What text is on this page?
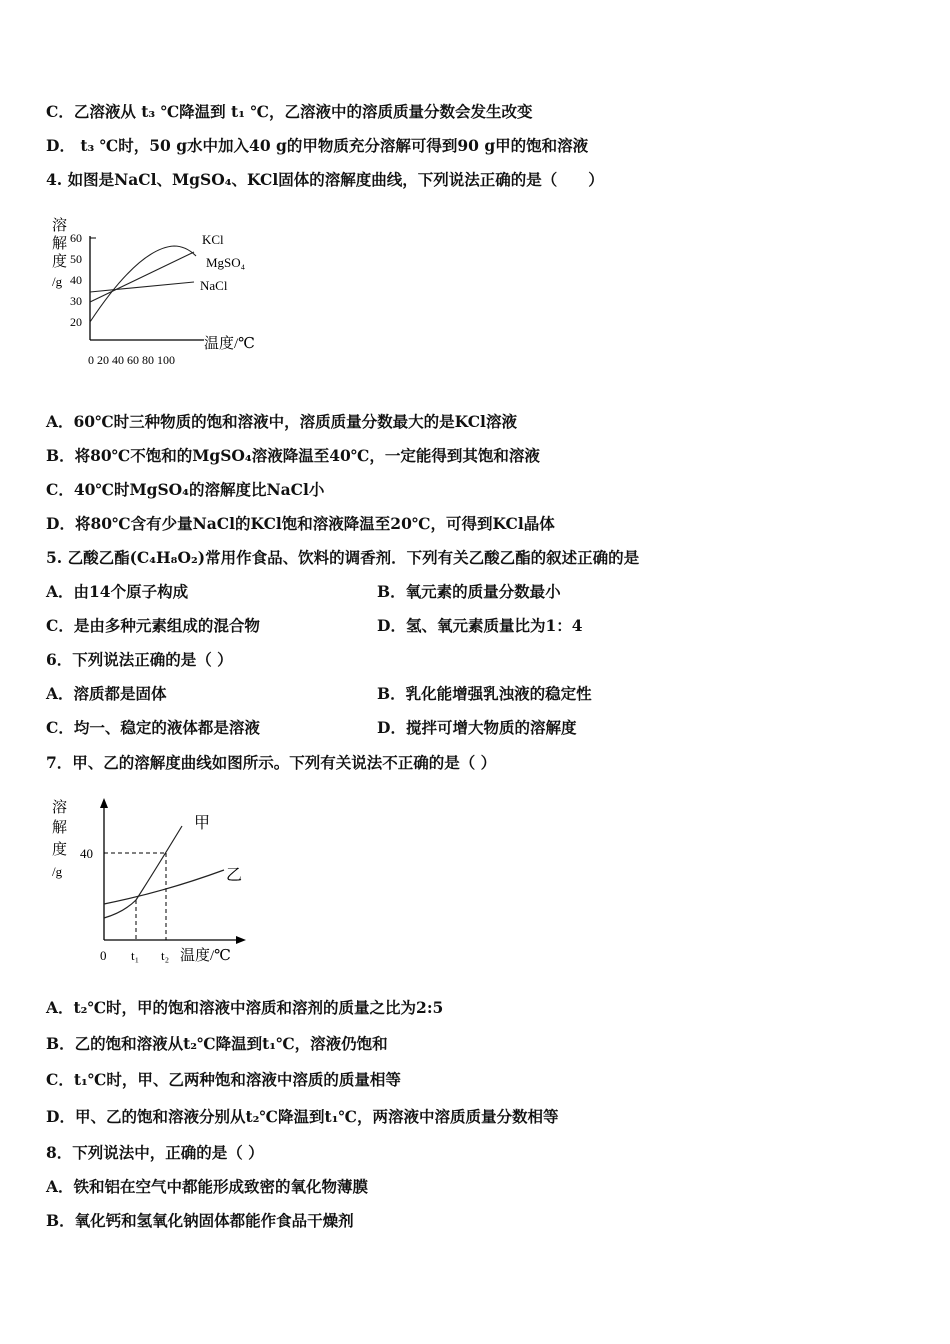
C．乙溶液从 t₃ ℃降温到 t₁ ℃，乙溶液中的溶质质量分数会发生改变
D． t₃ ℃时，50 g水中加入40 g的甲物质充分溶解可得到90 g甲的饱和溶液
4. 如图是NaCl、MgSO₄、KCl固体的溶解度曲线，下列说法正确的是（　　）
溶
解
度
/g
60
50
40
30
20
KCl
MgSO₄
NaCl
温度/℃
0 20 40 60 80 100
A．60℃时三种物质的饱和溶液中，溶质质量分数最大的是KCl溶液
B．将80℃不饱和的MgSO₄溶液降温至40℃，一定能得到其饱和溶液
C．40℃时MgSO₄的溶解度比NaCl小
D．将80℃含有少量NaCl的KCl饱和溶液降温至20℃，可得到KCl晶体
5. 乙酸乙酯(C₄H₈O₂)常用作食品、饮料的调香剂．下列有关乙酸乙酯的叙述正确的是
A．由14个原子构成	B．氧元素的质量分数最小
C．是由多种元素组成的混合物	D．氢、氧元素质量比为1：4
6．下列说法正确的是（ ）
A．溶质都是固体	B．乳化能增强乳浊液的稳定性
C．均一、稳定的液体都是溶液	D．搅拌可增大物质的溶解度
7．甲、乙的溶解度曲线如图所示。下列有关说法不正确的是（ ）
溶
解
度
/g
40
甲
乙
0 t₁ t₂ 温度/℃
A．t₂℃时，甲的饱和溶液中溶质和溶剂的质量之比为2:5
B．乙的饱和溶液从t₂℃降温到t₁℃，溶液仍饱和
C．t₁℃时，甲、乙两种饱和溶液中溶质的质量相等
D．甲、乙的饱和溶液分别从t₂℃降温到t₁℃，两溶液中溶质质量分数相等
8．下列说法中，正确的是（ ）
A．铁和铝在空气中都能形成致密的氧化物薄膜
B．氧化钙和氢氧化钠固体都能作食品干燥剂
